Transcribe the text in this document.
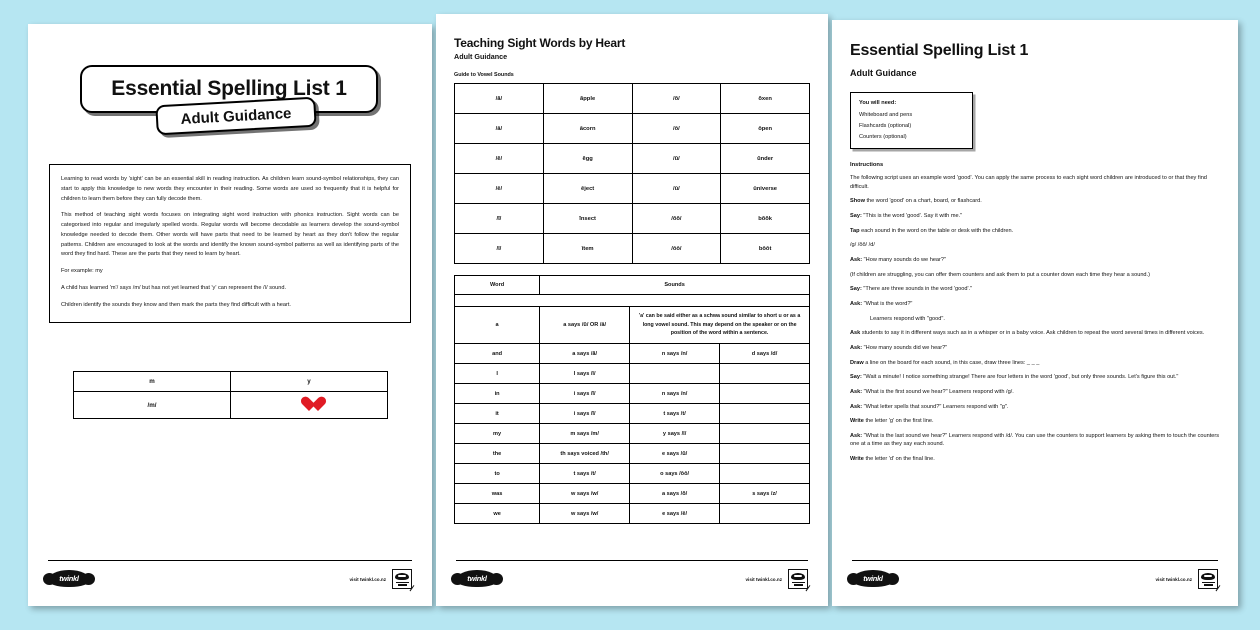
Essential Spelling List 1
Adult Guidance

Learning to read words by 'sight' can be an essential skill in reading instruction. As children learn sound-symbol relationships, they can start to apply this knowledge to new words they encounter in their reading. Some words are used so frequently that it is helpful for children to learn them before they can fully decode them.

This method of teaching sight words focuses on integrating sight word instruction with phonics instruction. Sight words can be categorised into regular and irregularly spelled words. Regular words will become decodable as learners develop the sound-symbol knowledge needed to decode them. Other words will have parts that need to be learned by heart as they don't follow the regular patterns. Children are encouraged to look at the words and identify the known sound-symbol patterns as well as identifying parts of the word they find hard. These are the parts that they need to learn by heart.

For example: my

A child has learned 'm'/ says /m/ but has not yet learned that 'y' can represent the /ī/ sound.

Children identify the sounds they know and then mark the parts they find difficult with a heart.

m	y
/m/	
twinkl	visit twinkl.co.nz
Teaching Sight Words by Heart
Adult Guidance
Guide to Vowel Sounds
/ă/	ăpple	/ŏ/	ŏxen
/ā/	ācorn	/ō/	ōpen
/ĕ/	ĕgg	/ŭ/	ŭnder
/ē/	ēject	/ū/	ūniverse
/ĭ/	ĭnsect	/ŏŏ/	bŏŏk
/ī/	ītem	/ōō/	bōōt
Word	Sounds		

a	a says /ŭ/ OR /ā/	'a' can be said either as a schwa sound similar to short u or as a long vowel sound. This may depend on the speaker or on the position of the word within a sentence.	
and	a says /ă/	n says /n/	d says /d/
I	I says /ī/		
in	i says /ĭ/	n says /n/	
it	i says /ĭ/	t says /t/	
my	m says /m/	y says /ī/	
the	th says voiced /th/	e says /ŭ/	
to	t says /t/	o says /ōō/	
was	w says /w/	a says /ŏ/	s says /z/
we	w says /w/	e says /ē/	
twinkl	visit twinkl.co.nz
Essential Spelling List 1
Adult Guidance
You will need:
Whiteboard and pens
Flashcards (optional)
Counters (optional)
Instructions

The following script uses an example word 'good'. You can apply the same process to each sight word children are introduced to or that they find difficult.

Show the word 'good' on a chart, board, or flashcard.

Say: "This is the word 'good'. Say it with me."

Tap each sound in the word on the table or desk with the children.

/g/ /ŏŏ/ /d/

Ask: "How many sounds do we hear?"

(If children are struggling, you can offer them counters and ask them to put a counter down each time they hear a sound.)

Say: "There are three sounds in the word 'good'."

Ask: "What is the word?"

Learners respond with "good".

Ask students to say it in different ways such as in a whisper or in a baby voice. Ask children to repeat the word several times in different voices.

Ask: "How many sounds did we hear?"

Draw a line on the board for each sound, in this case, draw three lines: _ _ _

Say: "Wait a minute! I notice something strange! There are four letters in the word 'good', but only three sounds. Let's figure this out."

Ask: "What is the first sound we hear?" Learners respond with /g/.

Ask: "What letter spells that sound?" Learners respond with "g".

Write the letter 'g' on the first line.

Ask: "What is the last sound we hear?" Learners respond with /d/. You can use the counters to support learners by asking them to touch the counters one at a time as they say each sound.

Write the letter 'd' on the final line.

twinkl	visit twinkl.co.nz
